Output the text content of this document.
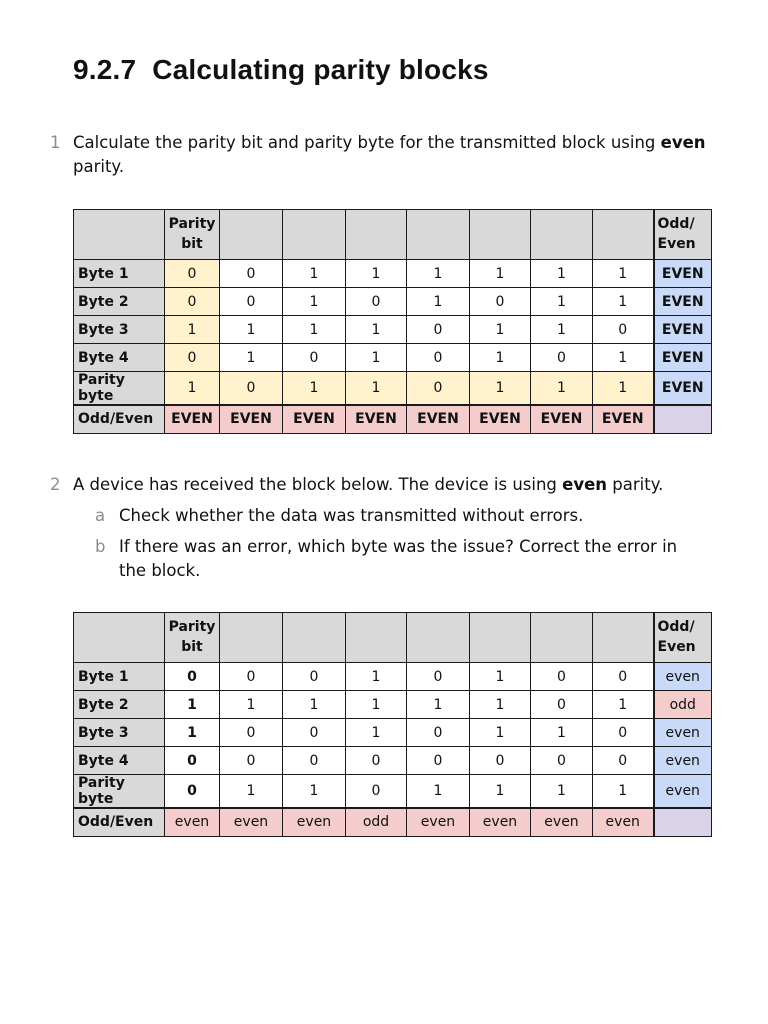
9.2.7  Calculating parity blocks
1 Calculate the parity bit and parity byte for the transmitted block using even parity.
	Parity
bit								Odd/
Even
Byte 1	0	0	1	1	1	1	1	1	EVEN
Byte 2	0	0	1	0	1	0	1	1	EVEN
Byte 3	1	1	1	1	0	1	1	0	EVEN
Byte 4	0	1	0	1	0	1	0	1	EVEN
Parity byte	1	0	1	1	0	1	1	1	EVEN
Odd/Even	EVEN	EVEN	EVEN	EVEN	EVEN	EVEN	EVEN	EVEN	
2 A device has received the block below. The device is using even parity.
a Check whether the data was transmitted without errors.
b If there was an error, which byte was the issue? Correct the error in the block.
	Parity
bit								Odd/
Even
Byte 1	0	0	0	1	0	1	0	0	even
Byte 2	1	1	1	1	1	1	0	1	odd
Byte 3	1	0	0	1	0	1	1	0	even
Byte 4	0	0	0	0	0	0	0	0	even
Parity byte	0	1	1	0	1	1	1	1	even
Odd/Even	even	even	even	odd	even	even	even	even	
